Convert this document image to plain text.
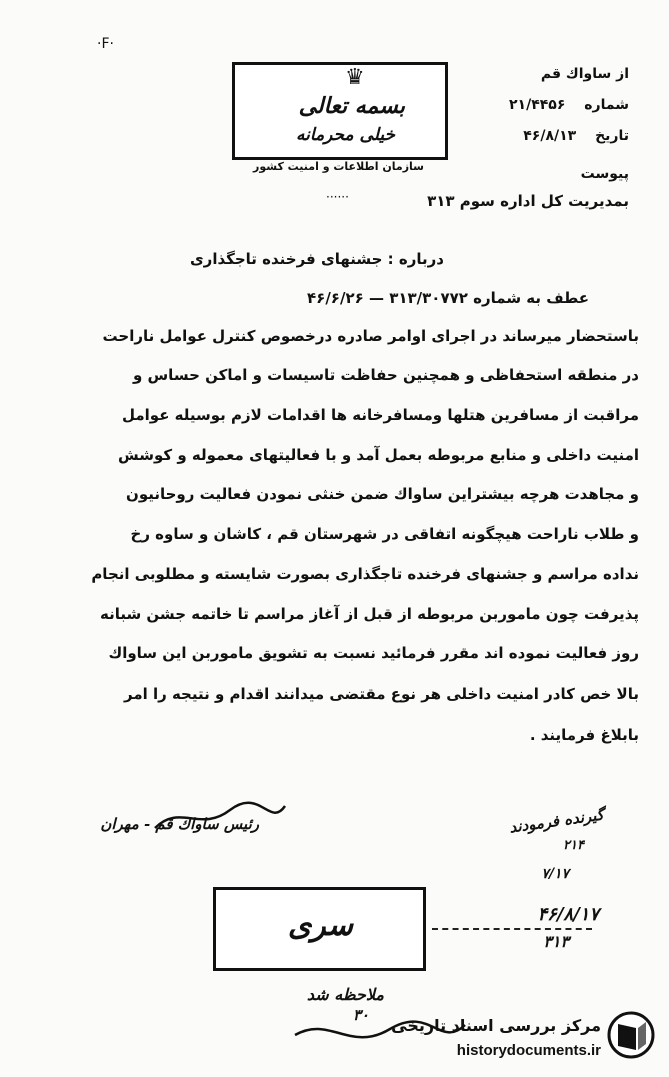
·F·
از ساواك قم
شماره ۲۱/۴۴۵۶
تاریخ ۴۶/۸/۱۳
پیوست
بمدیریت کل اداره سوم ۳۱۳
♛
بسمه تعالی
خیلی محرمانه
سازمان اطلاعات و امنیت کشور
······
درباره : جشنهای فرخنده تاجگذاری
عطف به شماره ۳۱۳/۳۰۷۷۲ — ۴۶/۶/۲۶
باستحضار میرساند در اجرای اوامر صادره درخصوص کنترل عوامل ناراحت
در منطقه استحفاظی و همچنین حفاظت تاسیسات و اماکن حساس و
مراقبت از مسافرین هتلها ومسافرخانه ها اقدامات لازم بوسیله عوامل
امنیت داخلی و منابع مربوطه بعمل آمد و با فعالیتهای معموله و کوشش
و مجاهدت هرچه بیشتراین ساواك ضمن خنثی نمودن فعالیت روحانیون
و طلاب ناراحت هیچگونه اتفاقی در شهرستان قم ، کاشان و ساوه رخ
نداده مراسم و جشنهای فرخنده تاجگذاری بصورت شایسته و مطلوبی انجام
پذیرفت چون ماموربن مربوطه از قبل از آغاز مراسم تا خاتمه جشن شبانه
روز فعالیت نموده اند مقرر فرمائید نسبت به تشویق ماموربن این ساواك
بالا خص کادر امنیت داخلی هر نوع مقتضی میدانند اقدام و نتیجه را امر
بابلاغ فرمایند .
رئیس ساواك قم - مهران	گیرنده فرمودند
۲۱۴
۷/۱۷
سری	۴۶/۸/۱۷
۳۱۳
ملاحظه شد
۳۰
مرکز بررسی اسناد تاریخی
historydocuments.ir
